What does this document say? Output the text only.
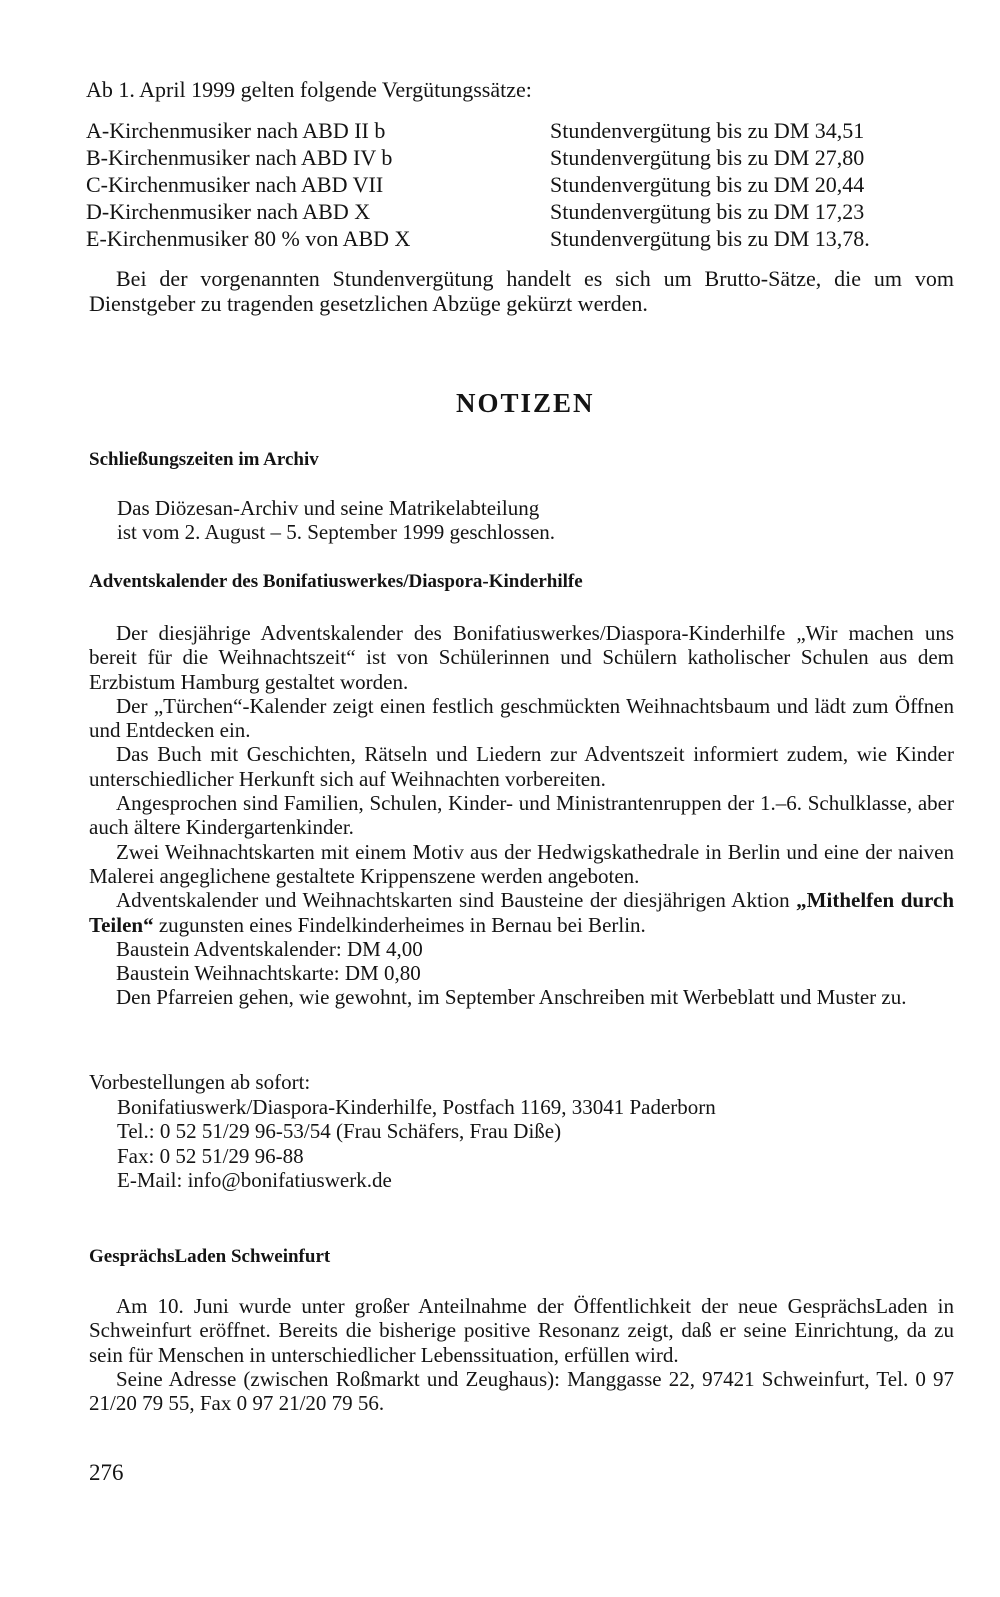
Ab 1. April 1999 gelten folgende Vergütungssätze:
A-Kirchenmusiker nach ABD II b	Stundenvergütung bis zu DM 34,51
B-Kirchenmusiker nach ABD IV b	Stundenvergütung bis zu DM 27,80
C-Kirchenmusiker nach ABD VII	Stundenvergütung bis zu DM 20,44
D-Kirchenmusiker nach ABD X	Stundenvergütung bis zu DM 17,23
E-Kirchenmusiker 80 % von ABD X	Stundenvergütung bis zu DM 13,78.

Bei der vorgenannten Stundenvergütung handelt es sich um Brutto-Sätze, die um vom Dienstgeber zu tragenden gesetzlichen Abzüge gekürzt werden.

NOTIZEN
Schließungszeiten im Archiv
Das Diözesan-Archiv und seine Matrikelabteilung
ist vom 2. August – 5. September 1999 geschlossen.
Adventskalender des Bonifatiuswerkes/Diaspora-Kinderhilfe

Der diesjährige Adventskalender des Bonifatiuswerkes/Diaspora-Kinderhilfe „Wir machen uns bereit für die Weihnachtszeit“ ist von Schülerinnen und Schülern katholischer Schulen aus dem Erzbistum Hamburg gestaltet worden.

Der „Türchen“-Kalender zeigt einen festlich geschmückten Weihnachtsbaum und lädt zum Öffnen und Entdecken ein.

Das Buch mit Geschichten, Rätseln und Liedern zur Adventszeit informiert zudem, wie Kinder unterschiedlicher Herkunft sich auf Weihnachten vorbereiten.

Angesprochen sind Familien, Schulen, Kinder- und Ministrantenruppen der 1.–6. Schulklasse, aber auch ältere Kindergartenkinder.

Zwei Weihnachtskarten mit einem Motiv aus der Hedwigskathedrale in Berlin und eine der naiven Malerei angeglichene gestaltete Krippenszene werden angeboten.

Adventskalender und Weihnachtskarten sind Bausteine der diesjährigen Aktion „Mithelfen durch Teilen“ zugunsten eines Findelkinderheimes in Bernau bei Berlin.

Baustein Adventskalender: DM 4,00

Baustein Weihnachtskarte: DM 0,80

Den Pfarreien gehen, wie gewohnt, im September Anschreiben mit Werbeblatt und Muster zu.

Vorbestellungen ab sofort:
Bonifatiuswerk/Diaspora-Kinderhilfe, Postfach 1169, 33041 Paderborn
Tel.: 0 52 51/29 96-53/54 (Frau Schäfers, Frau Diße)
Fax: 0 52 51/29 96-88
E-Mail: info@bonifatiuswerk.de
GesprächsLaden Schweinfurt

Am 10. Juni wurde unter großer Anteilnahme der Öffentlichkeit der neue GesprächsLaden in Schweinfurt eröffnet. Bereits die bisherige positive Resonanz zeigt, daß er seine Einrichtung, da zu sein für Menschen in unterschiedlicher Lebenssituation, erfüllen wird.

Seine Adresse (zwischen Roßmarkt und Zeughaus): Manggasse 22, 97421 Schweinfurt, Tel. 0 97 21/20 79 55, Fax 0 97 21/20 79 56.

276
